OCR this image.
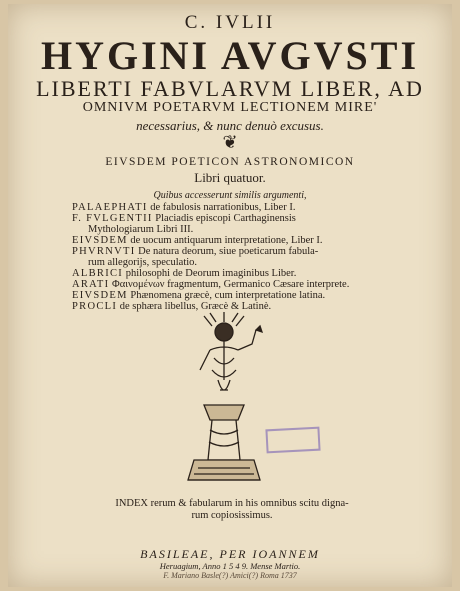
C. IVLII
HYGINI AVGVSTI
LIBERTI FABVLARVM LIBER, AD
OMNIVM POETARVM LECTIONEM MIRE'
necessarius, & nunc denuò excusus.
❦
EIVSDEM POETICON ASTRONOMICON
Libri quatuor.
Quibus accesserunt similis argumenti,

PALAEPHATI de fabulosis narrationibus, Liber I.

F. FVLGENTII Placiadis episcopi Carthaginensis

Mythologiarum Libri III.

EIVSDEM de uocum antiquarum interpretatione, Liber I.

PHVRNVTI De natura deorum, siue poeticarum fabula-

rum allegorijs, speculatio.

ALBRICI philosophi de Deorum imaginibus Liber.

ARATI Φαινομένων fragmentum, Germanico Cæsare interprete.

EIVSDEM Phænomena græcè, cum interpretatione latina.

PROCLI de sphæra libellus, Græcè & Latinè.

INDEX rerum & fabularum in his omnibus scitu digna-
rum copiosissimus.
BASILEAE, PER IOANNEM
Heruagium, Anno 1 5 4 9. Mense Martio.
F. Mariano Basle(?) Amici(?) Roma 1737
